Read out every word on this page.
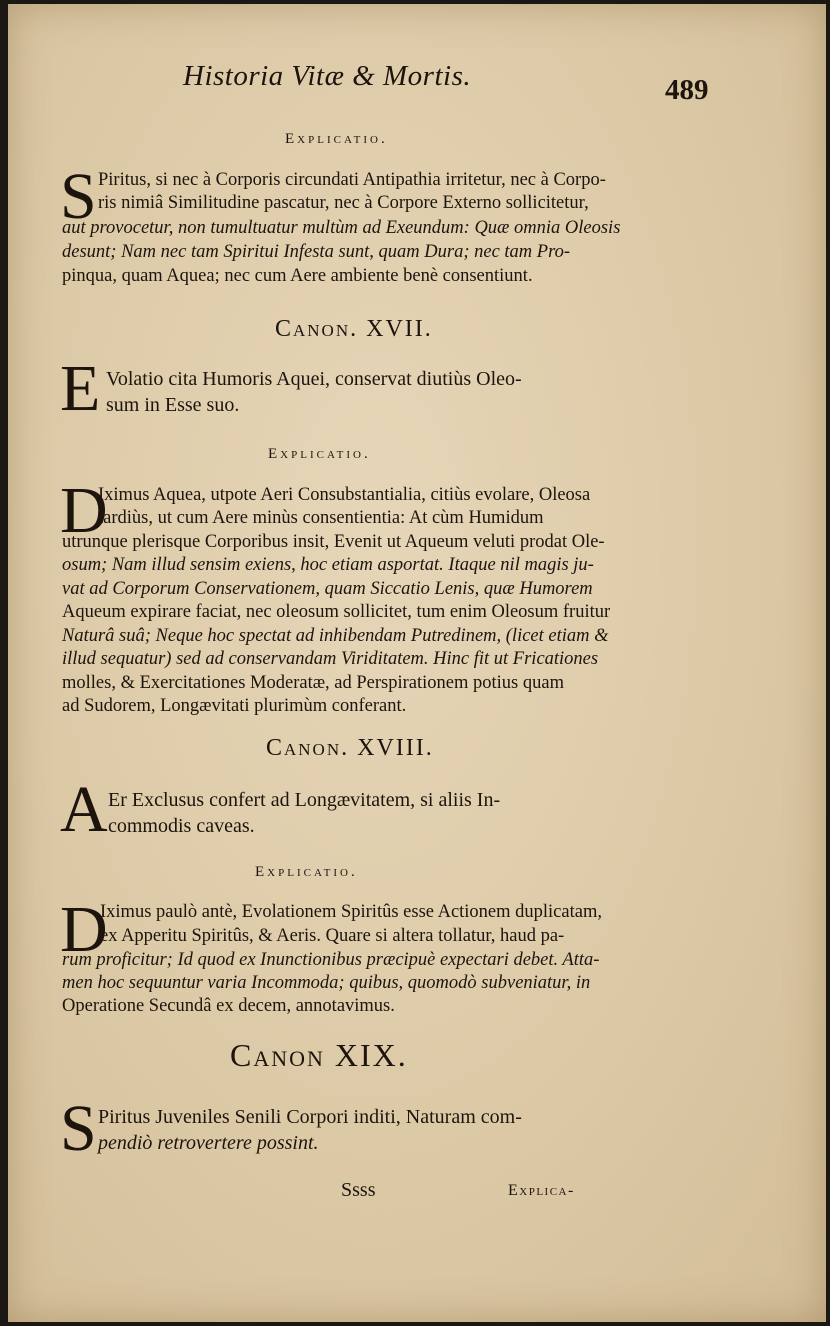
Historia Vitæ & Mortis.	489
Explicatio.
S Piritus, si nec à Corporis circundati Antipathia irritetur, nec à Corpo-
ris nimiâ Similitudine pascatur, nec à Corpore Externo sollicitetur,
aut provocetur, non tumultuatur multùm ad Exeundum: Quæ omnia Oleosis
desunt; Nam nec tam Spiritui Infesta sunt, quam Dura; nec tam Pro-
pinqua, quam Aquea; nec cum Aere ambiente benè consentiunt.
Canon. XVII.
E Volatio cita Humoris Aquei, conservat diutiùs Oleo-
sum in Esse suo.
Explicatio.
D
Iximus Aquea, utpote Aeri Consubstantialia, citiùs evolare, Oleosa
tardiùs, ut cum Aere minùs consentientia: At cùm Humidum
utrunque plerisque Corporibus insit, Evenit ut Aqueum veluti prodat Ole-
osum; Nam illud sensim exiens, hoc etiam asportat. Itaque nil magis ju-
vat ad Corporum Conservationem, quam Siccatio Lenis, quæ Humorem
Aqueum expirare faciat, nec oleosum sollicitet, tum enim Oleosum fruitur
Naturâ suâ; Neque hoc spectat ad inhibendam Putredinem, (licet etiam &
illud sequatur) sed ad conservandam Viriditatem. Hinc fit ut Fricationes
molles, & Exercitationes Moderatæ, ad Perspirationem potius quam
ad Sudorem, Longævitati plurimùm conferant.
Canon. XVIII.
A Er Exclusus confert ad Longævitatem, si aliis In-
commodis caveas.
Explicatio.
D
Iximus paulò antè, Evolationem Spiritûs esse Actionem duplicatam,
ex Apperitu Spiritûs, & Aeris. Quare si altera tollatur, haud pa-
rum proficitur; Id quod ex Inunctionibus præcipuè expectari debet. Atta-
men hoc sequuntur varia Incommoda; quibus, quomodò subveniatur, in
Operatione Secundâ ex decem, annotavimus.
Canon XIX.
S Piritus Juveniles Senili Corpori inditi, Naturam com-
pendiò retrovertere possint.
Ssss	Explica-
